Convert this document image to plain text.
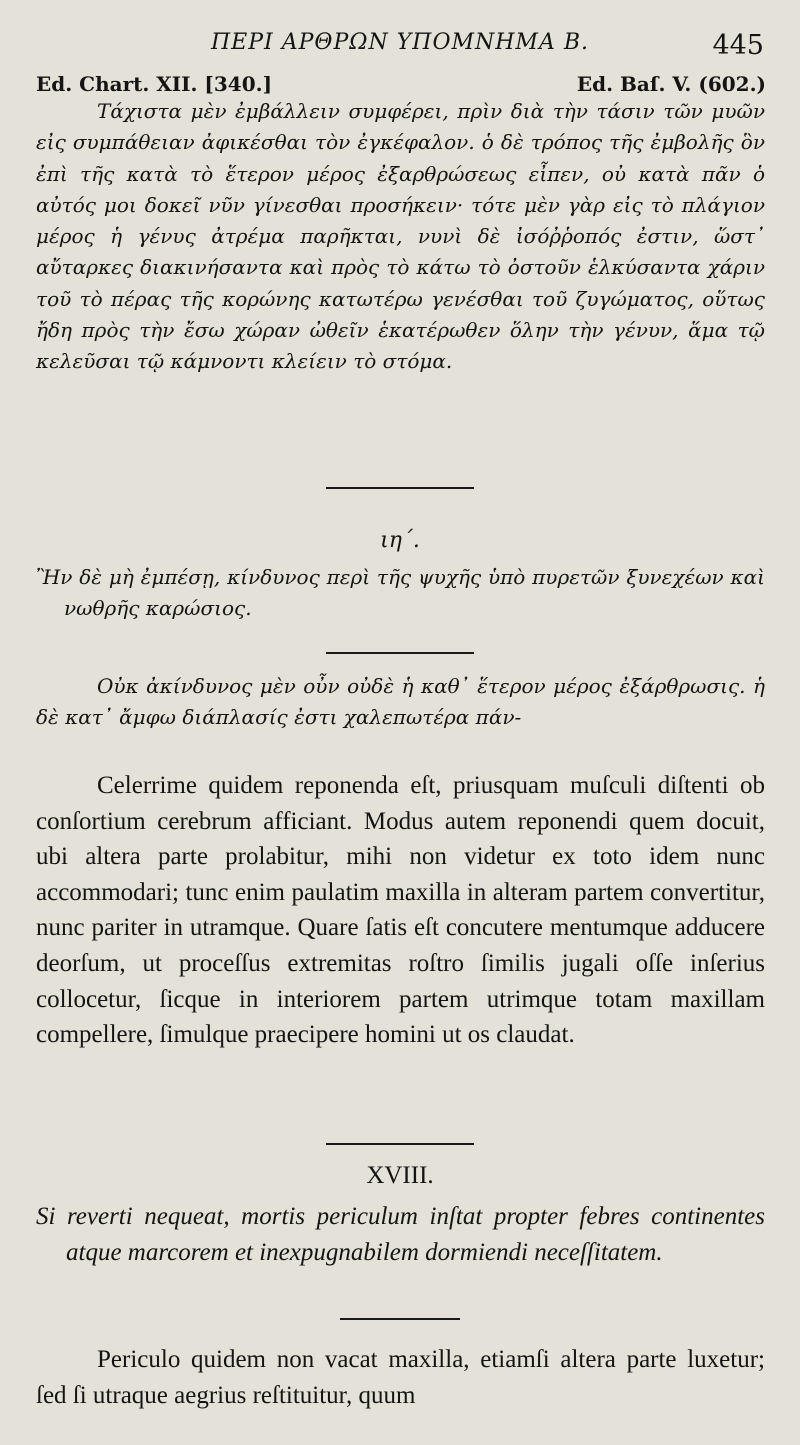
ΠΕΡΙ ΑΡΘΡΩΝ ΥΠΟΜΝΗΜΑ Β.	445
Ed. Chart. XII. [340.]	Ed. Baſ. V. (602.)
Τάχιστα μὲν ἐμβάλλειν συμφέρει, πρὶν διὰ τὴν τάσιν τῶν μυῶν εἰς συμπάθειαν ἀφικέσθαι τὸν ἐγκέφαλον. ὁ δὲ τρόπος τῆς ἐμβολῆς ὃν ἐπὶ τῆς κατὰ τὸ ἕτερον μέρος ἐξαρθρώσεως εἶπεν, οὐ κατὰ πᾶν ὁ αὐτός μοι δοκεῖ νῦν γίνεσθαι προσήκειν· τότε μὲν γὰρ εἰς τὸ πλάγιον μέρος ἡ γένυς ἀτρέμα παρῆκται, νυνὶ δὲ ἰσόῤῥοπός ἐστιν, ὥστ᾿ αὔταρκες διακινήσαντα καὶ πρὸς τὸ κάτω τὸ ὀστοῦν ἑλκύσαντα χάριν τοῦ τὸ πέρας τῆς κορώνης κατωτέρω γενέσθαι τοῦ ζυγώματος, οὕτως ἤδη πρὸς τὴν ἔσω χώραν ὠθεῖν ἑκατέρωθεν ὅλην τὴν γένυν, ἅμα τῷ κελεῦσαι τῷ κάμνοντι κλείειν τὸ στόμα.
ιη΄.
Ἢν δὲ μὴ ἐμπέσῃ, κίνδυνος περὶ τῆς ψυχῆς ὑπὸ πυρετῶν ξυνεχέων καὶ νωθρῆς καρώσιος.
Οὐκ ἀκίνδυνος μὲν οὖν οὐδὲ ἡ καθ᾿ ἕτερον μέρος ἐξάρθρωσις. ἡ δὲ κατ᾿ ἄμφω διάπλασίς ἐστι χαλεπωτέρα πάν-
Celerrime quidem reponenda eſt, priusquam muſculi diſtenti ob conſortium cerebrum afficiant. Modus autem reponendi quem docuit, ubi altera parte prolabitur, mihi non videtur ex toto idem nunc accommodari; tunc enim paulatim maxilla in alteram partem convertitur, nunc pariter in utramque. Quare ſatis eſt concutere mentumque adducere deorſum, ut proceſſus extremitas roſtro ſimilis jugali oſſe inſerius collocetur, ſicque in interiorem partem utrimque totam maxillam compellere, ſimulque praecipere homini ut os claudat.
XVIII.
Si reverti nequeat, mortis periculum inſtat propter febres continentes atque marcorem et inexpugnabilem dormiendi neceſſitatem.
Periculo quidem non vacat maxilla, etiamſi altera parte luxetur; ſed ſi utraque aegrius reſtituitur, quum
